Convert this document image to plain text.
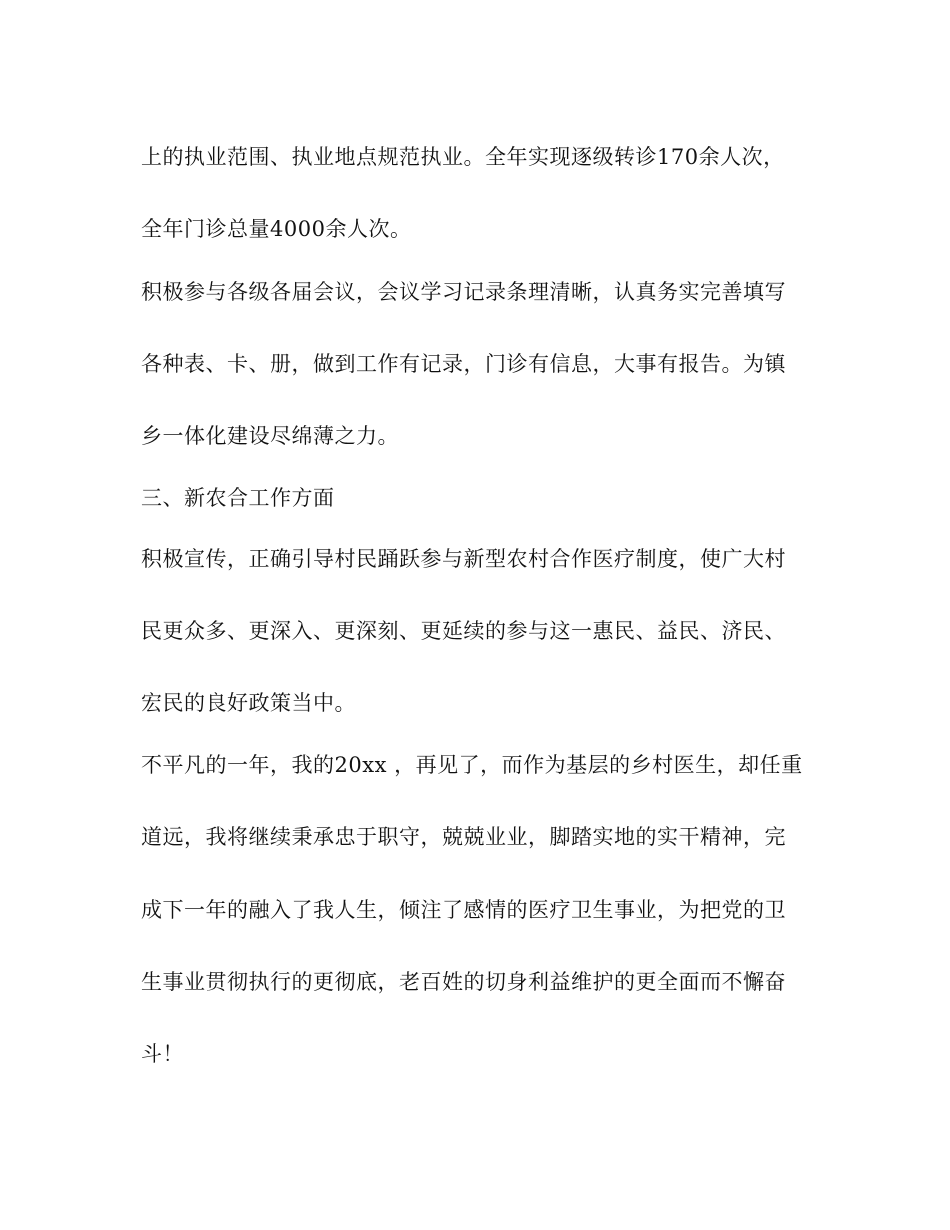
上的执业范围、执业地点规范执业。全年实现逐级转诊170余人次，
全年门诊总量4000余人次。
积极参与各级各届会议，会议学习记录条理清晰，认真务实完善填写
各种表、卡、册，做到工作有记录，门诊有信息，大事有报告。为镇
乡一体化建设尽绵薄之力。
三、新农合工作方面
积极宣传，正确引导村民踊跃参与新型农村合作医疗制度，使广大村
民更众多、更深入、更深刻、更延续的参与这一惠民、益民、济民、
宏民的良好政策当中。
不平凡的一年，我的20xx ，再见了，而作为基层的乡村医生，却任重
道远，我将继续秉承忠于职守，兢兢业业，脚踏实地的实干精神，完
成下一年的融入了我人生，倾注了感情的医疗卫生事业，为把党的卫
生事业贯彻执行的更彻底，老百姓的切身利益维护的更全面而不懈奋
斗！
